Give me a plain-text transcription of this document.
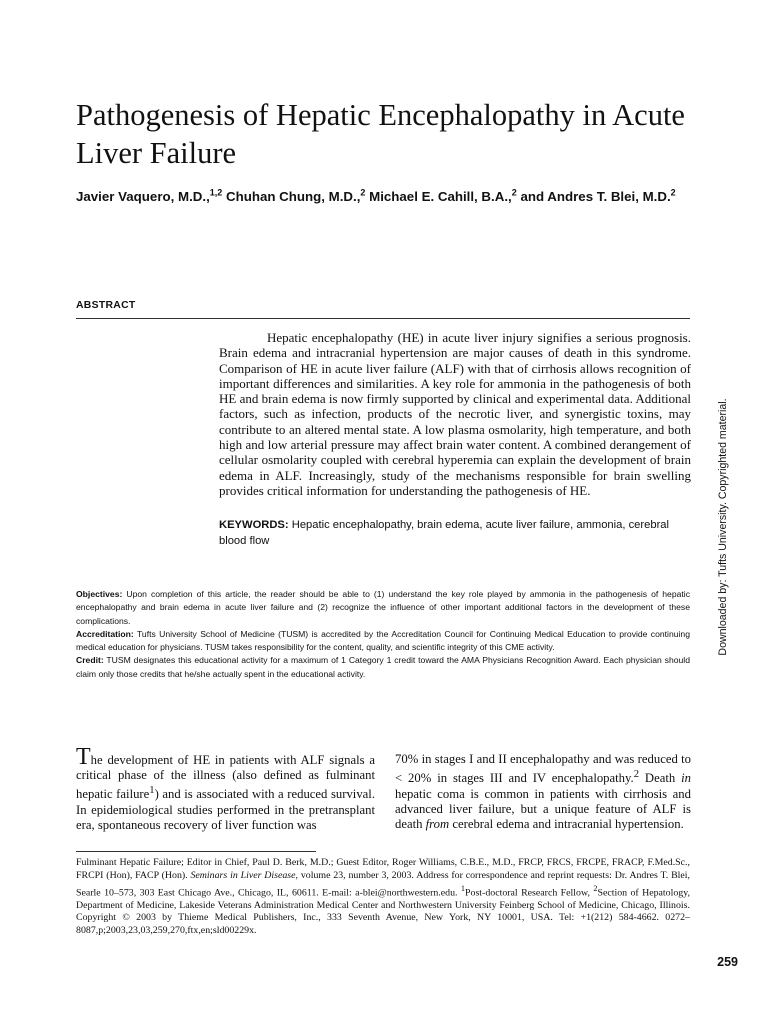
Pathogenesis of Hepatic Encephalopathy in Acute Liver Failure
Javier Vaquero, M.D.,$^{1,2}$ Chuhan Chung, M.D.,$^2$ Michael E. Cahill, B.A.,$^2$ and Andres T. Blei, M.D.$^2$
ABSTRACT

Hepatic encephalopathy (HE) in acute liver injury signifies a serious prognosis. Brain edema and intracranial hypertension are major causes of death in this syndrome. Comparison of HE in acute liver failure (ALF) with that of cirrhosis allows recognition of important differences and similarities. A key role for ammonia in the pathogenesis of both HE and brain edema is now firmly supported by clinical and experimental data. Additional factors, such as infection, products of the necrotic liver, and synergistic toxins, may contribute to an altered mental state. A low plasma osmolarity, high temperature, and both high and low arterial pressure may affect brain water content. A combined derangement of cellular osmolarity coupled with cerebral hyperemia can explain the development of brain edema in ALF. Increasingly, study of the mechanisms responsible for brain swelling provides critical information for understanding the pathogenesis of HE.

KEYWORDS: Hepatic encephalopathy, brain edema, acute liver failure, ammonia, cerebral blood flow

Objectives: Upon completion of this article, the reader should be able to (1) understand the key role played by ammonia in the pathogenesis of hepatic encephalopathy and brain edema in acute liver failure and (2) recognize the influence of other important additional factors in the development of these complications.

Accreditation: Tufts University School of Medicine (TUSM) is accredited by the Accreditation Council for Continuing Medical Education to provide continuing medical education for physicians. TUSM takes responsibility for the content, quality, and scientific integrity of this CME activity.

Credit: TUSM designates this educational activity for a maximum of 1 Category 1 credit toward the AMA Physicians Recognition Award. Each physician should claim only those credits that he/she actually spent in the educational activity.

The development of HE in patients with ALF signals a critical phase of the illness (also defined as fulminant hepatic failure$^1$) and is associated with a reduced survival. In epidemiological studies performed in the pretransplant era, spontaneous recovery of liver function was

70% in stages I and II encephalopathy and was reduced to < 20% in stages III and IV encephalopathy.$^2$ Death in hepatic coma is common in patients with cirrhosis and advanced liver failure, but a unique feature of ALF is death from cerebral edema and intracranial hypertension.

Fulminant Hepatic Failure; Editor in Chief, Paul D. Berk, M.D.; Guest Editor, Roger Williams, C.B.E., M.D., FRCP, FRCS, FRCPE, FRACP, F.Med.Sc., FRCPI (Hon), FACP (Hon). Seminars in Liver Disease, volume 23, number 3, 2003. Address for correspondence and reprint requests: Dr. Andres T. Blei, Searle 10–573, 303 East Chicago Ave., Chicago, IL, 60611. E-mail: a-blei@northwestern.edu. $^1$Post-doctoral Research Fellow, $^2$Section of Hepatology, Department of Medicine, Lakeside Veterans Administration Medical Center and Northwestern University Feinberg School of Medicine, Chicago, Illinois. Copyright © 2003 by Thieme Medical Publishers, Inc., 333 Seventh Avenue, New York, NY 10001, USA. Tel: +1(212) 584-4662. 0272–8087,p;2003,23,03,259,270,ftx,en;sld00229x.

259
Downloaded by: Tufts University. Copyrighted material.
